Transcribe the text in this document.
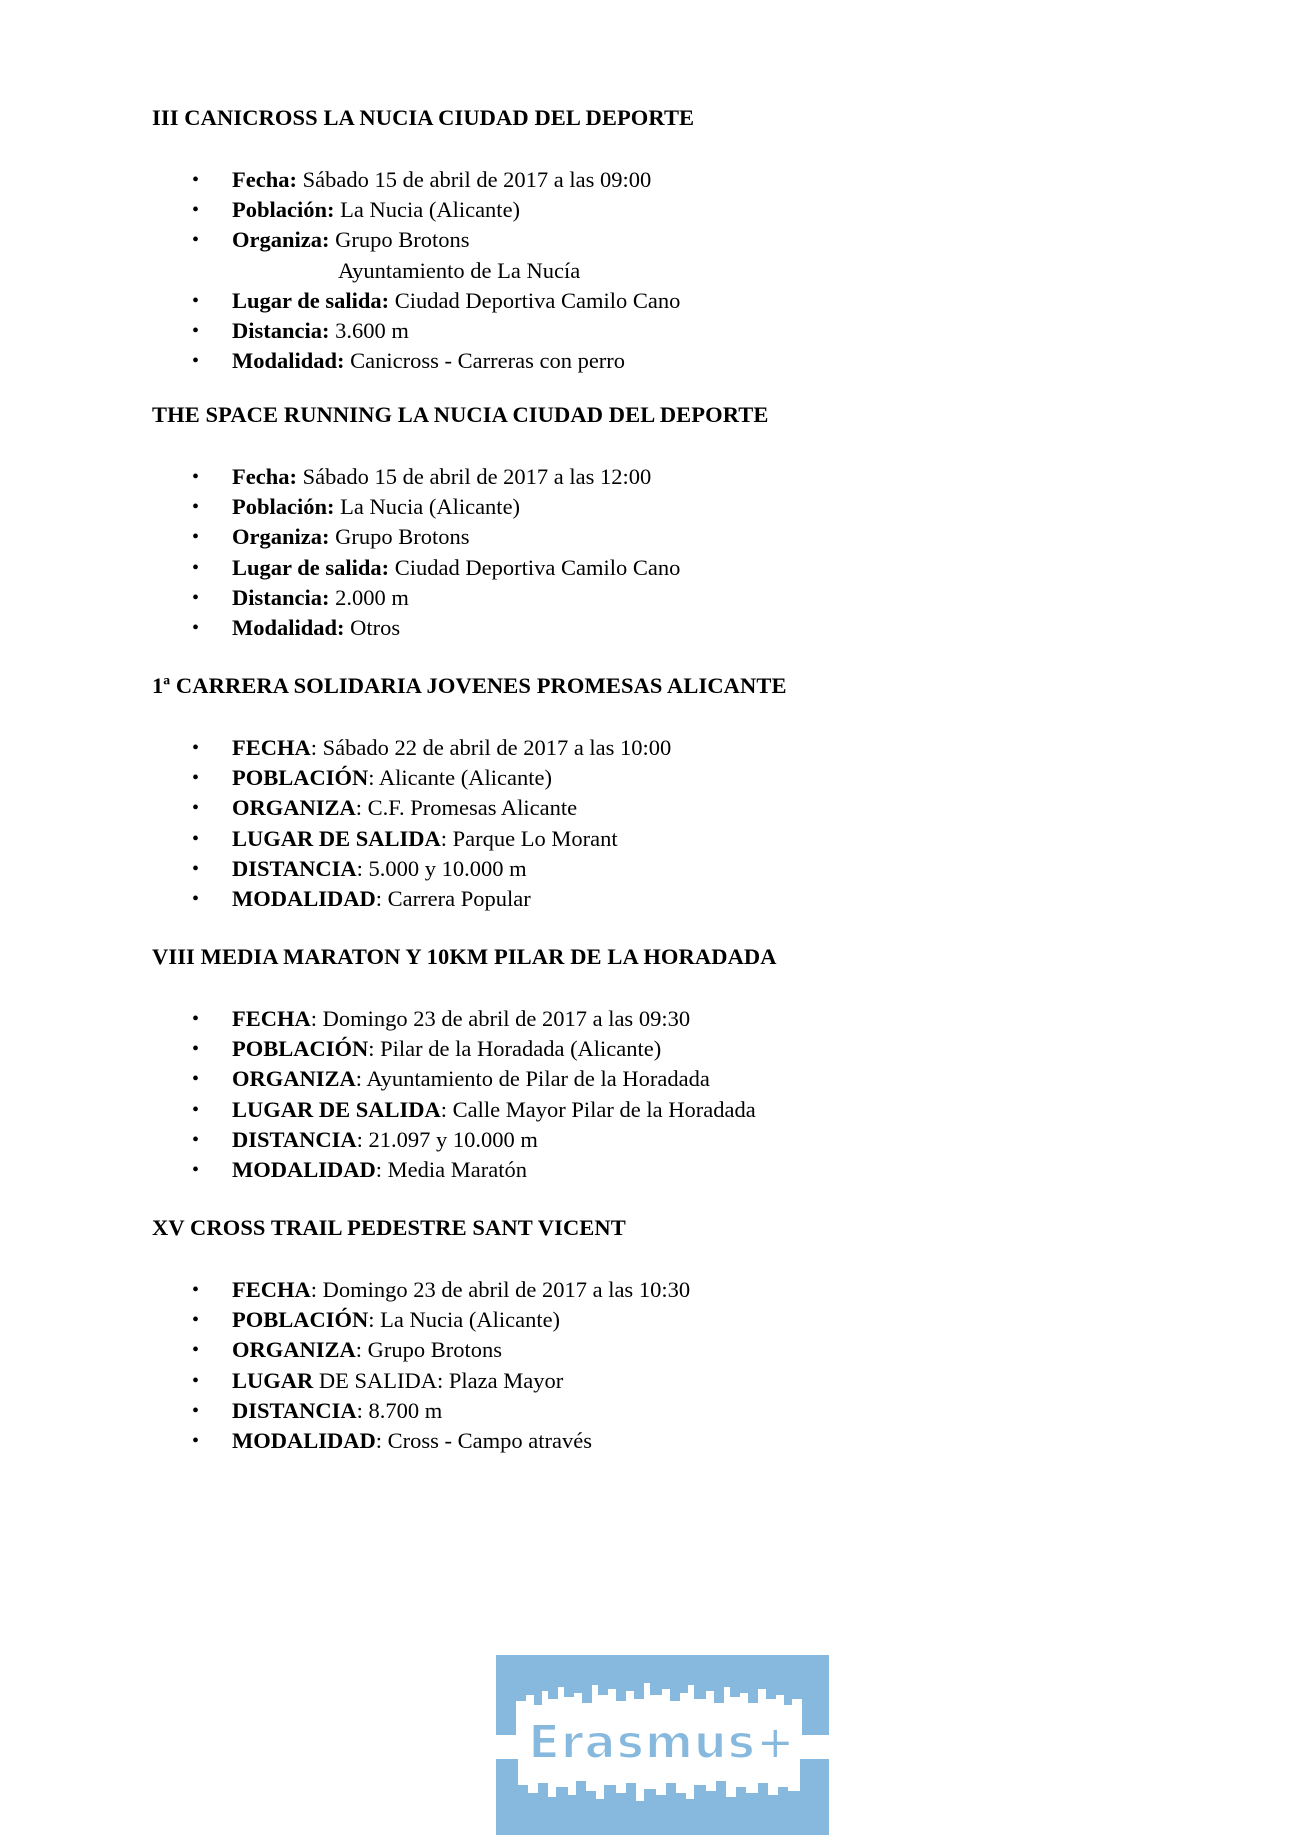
III CANICROSS LA NUCIA CIUDAD DEL DEPORTE
• Fecha: Sábado 15 de abril de 2017 a las 09:00
• Población: La Nucia (Alicante)
• Organiza: Grupo Brotons
Ayuntamiento de La Nucía
• Lugar de salida: Ciudad Deportiva Camilo Cano
• Distancia: 3.600 m
• Modalidad: Canicross - Carreras con perro
THE SPACE RUNNING LA NUCIA CIUDAD DEL DEPORTE
• Fecha: Sábado 15 de abril de 2017 a las 12:00
• Población: La Nucia (Alicante)
• Organiza: Grupo Brotons
• Lugar de salida: Ciudad Deportiva Camilo Cano
• Distancia: 2.000 m
• Modalidad: Otros
1ª CARRERA SOLIDARIA JOVENES PROMESAS ALICANTE
• FECHA: Sábado 22 de abril de 2017 a las 10:00
• POBLACIÓN: Alicante (Alicante)
• ORGANIZA: C.F. Promesas Alicante
• LUGAR DE SALIDA: Parque Lo Morant
• DISTANCIA: 5.000 y 10.000 m
• MODALIDAD: Carrera Popular
VIII MEDIA MARATON Y 10KM PILAR DE LA HORADADA
• FECHA: Domingo 23 de abril de 2017 a las 09:30
• POBLACIÓN: Pilar de la Horadada (Alicante)
• ORGANIZA: Ayuntamiento de Pilar de la Horadada
• LUGAR DE SALIDA: Calle Mayor Pilar de la Horadada
• DISTANCIA: 21.097 y 10.000 m
• MODALIDAD: Media Maratón
XV CROSS TRAIL PEDESTRE SANT VICENT
• FECHA: Domingo 23 de abril de 2017 a las 10:30
• POBLACIÓN: La Nucia (Alicante)
• ORGANIZA: Grupo Brotons
• LUGAR DE SALIDA: Plaza Mayor
• DISTANCIA: 8.700 m
• MODALIDAD: Cross - Campo através
Erasmus+
